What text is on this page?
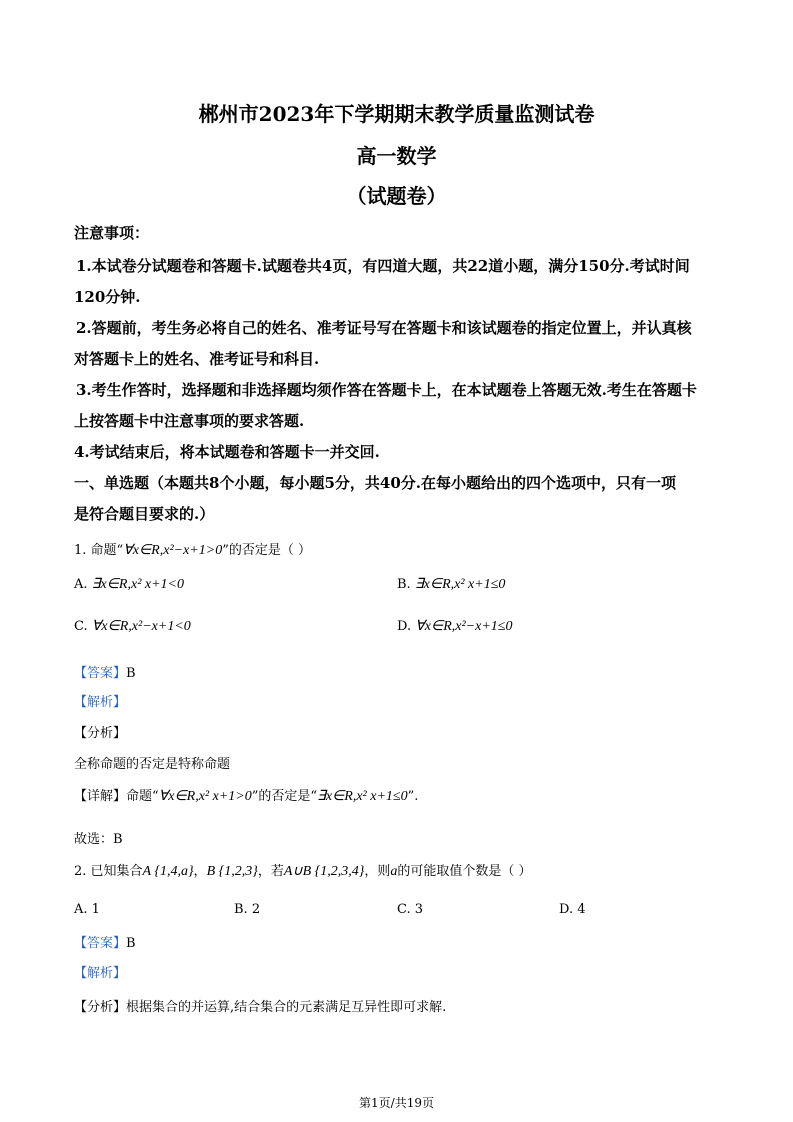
郴州市2023年下学期期末教学质量监测试卷
高一数学
（试题卷）
注意事项：
1.本试卷分试题卷和答题卡.试题卷共4页，有四道大题，共22道小题，满分150分.考试时间
120分钟.
2.答题前，考生务必将自己的姓名、准考证号写在答题卡和该试题卷的指定位置上，并认真核
对答题卡上的姓名、准考证号和科目.
3.考生作答时，选择题和非选择题均须作答在答题卡上，在本试题卷上答题无效.考生在答题卡
上按答题卡中注意事项的要求答题.
4.考试结束后，将本试题卷和答题卡一并交回.
一、单选题（本题共8个小题，每小题5分，共40分.在每小题给出的四个选项中，只有一项
是符合题目要求的.）
1. 命题“∀x∈R,x²−x+1>0”的否定是（ ）
A. ∃x∈R,x² x+1<0	B. ∃x∈R,x² x+1≤0
C. ∀x∈R,x²−x+1<0	D. ∀x∈R,x²−x+1≤0
【答案】B
【解析】
【分析】
全称命题的否定是特称命题
【详解】命题“∀x∈R,x² x+1>0”的否定是“∃x∈R,x² x+1≤0”.
故选：B
2. 已知集合A {1,4,a}，B {1,2,3}，若A∪B {1,2,3,4}，则a的可能取值个数是（ ）
A. 1	B. 2	C. 3	D. 4
【答案】B
【解析】
【分析】根据集合的并运算,结合集合的元素满足互异性即可求解.
第1页/共19页
